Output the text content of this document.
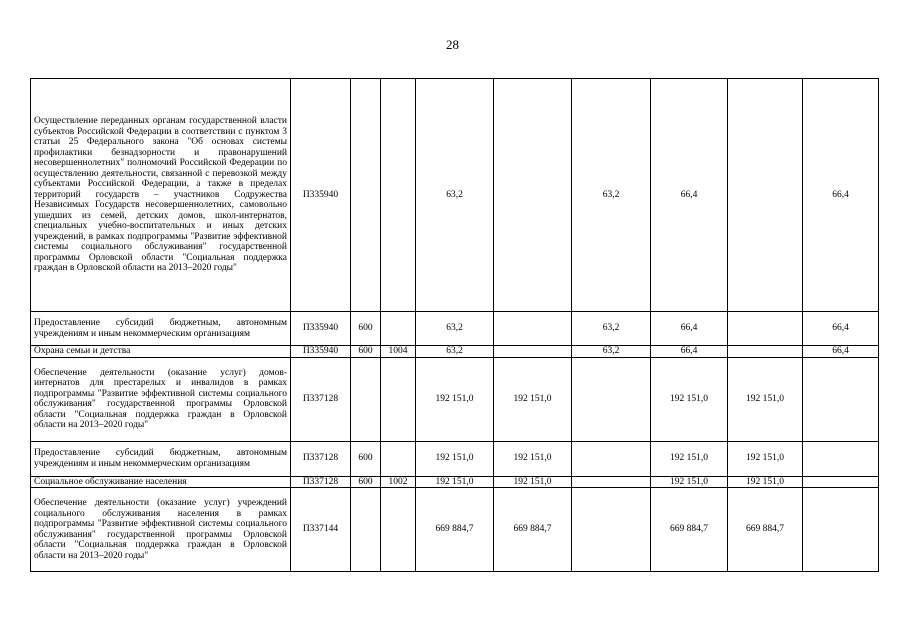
28
Осуществление переданных органам государственной власти субъектов Российской Федерации в соответствии с пунктом 3 статьи 25 Федерального закона "Об основах системы профилактики безнадзорности и правонарушений несовершеннолетних" полномочий Российской Федерации по осуществлению деятельности, связанной с перевозкой между субъектами Российской Федерации, а также в пределах территорий государств – участников Содружества Независимых Государств несовершеннолетних, самовольно ушедших из семей, детских домов, школ-интернатов, специальных учебно-воспитательных и иных детских учреждений, в рамках подпрограммы "Развитие эффективной системы социального обслуживания" государственной программы Орловской области "Социальная поддержка граждан в Орловской области на 2013–2020 годы"	П335940			63,2		63,2	66,4		66,4
Предоставление субсидий бюджетным, автономным учреждениям и иным некоммерческим организациям	П335940	600		63,2		63,2	66,4		66,4
Охрана семьи и детства	П335940	600	1004	63,2		63,2	66,4		66,4
Обеспечение деятельности (оказание услуг) домов-интернатов для престарелых и инвалидов в рамках подпрограммы "Развитие эффективной системы социального обслуживания" государственной программы Орловской области "Социальная поддержка граждан в Орловской области на 2013–2020 годы"	П337128			192 151,0	192 151,0		192 151,0	192 151,0	
Предоставление субсидий бюджетным, автономным учреждениям и иным некоммерческим организациям	П337128	600		192 151,0	192 151,0		192 151,0	192 151,0	
Социальное обслуживание населения	П337128	600	1002	192 151,0	192 151,0		192 151,0	192 151,0	
Обеспечение деятельности (оказание услуг) учреждений социального обслуживания населения в рамках подпрограммы "Развитие эффективной системы социального обслуживания" государственной программы Орловской области "Социальная поддержка граждан в Орловской области на 2013–2020 годы"	П337144			669 884,7	669 884,7		669 884,7	669 884,7	
